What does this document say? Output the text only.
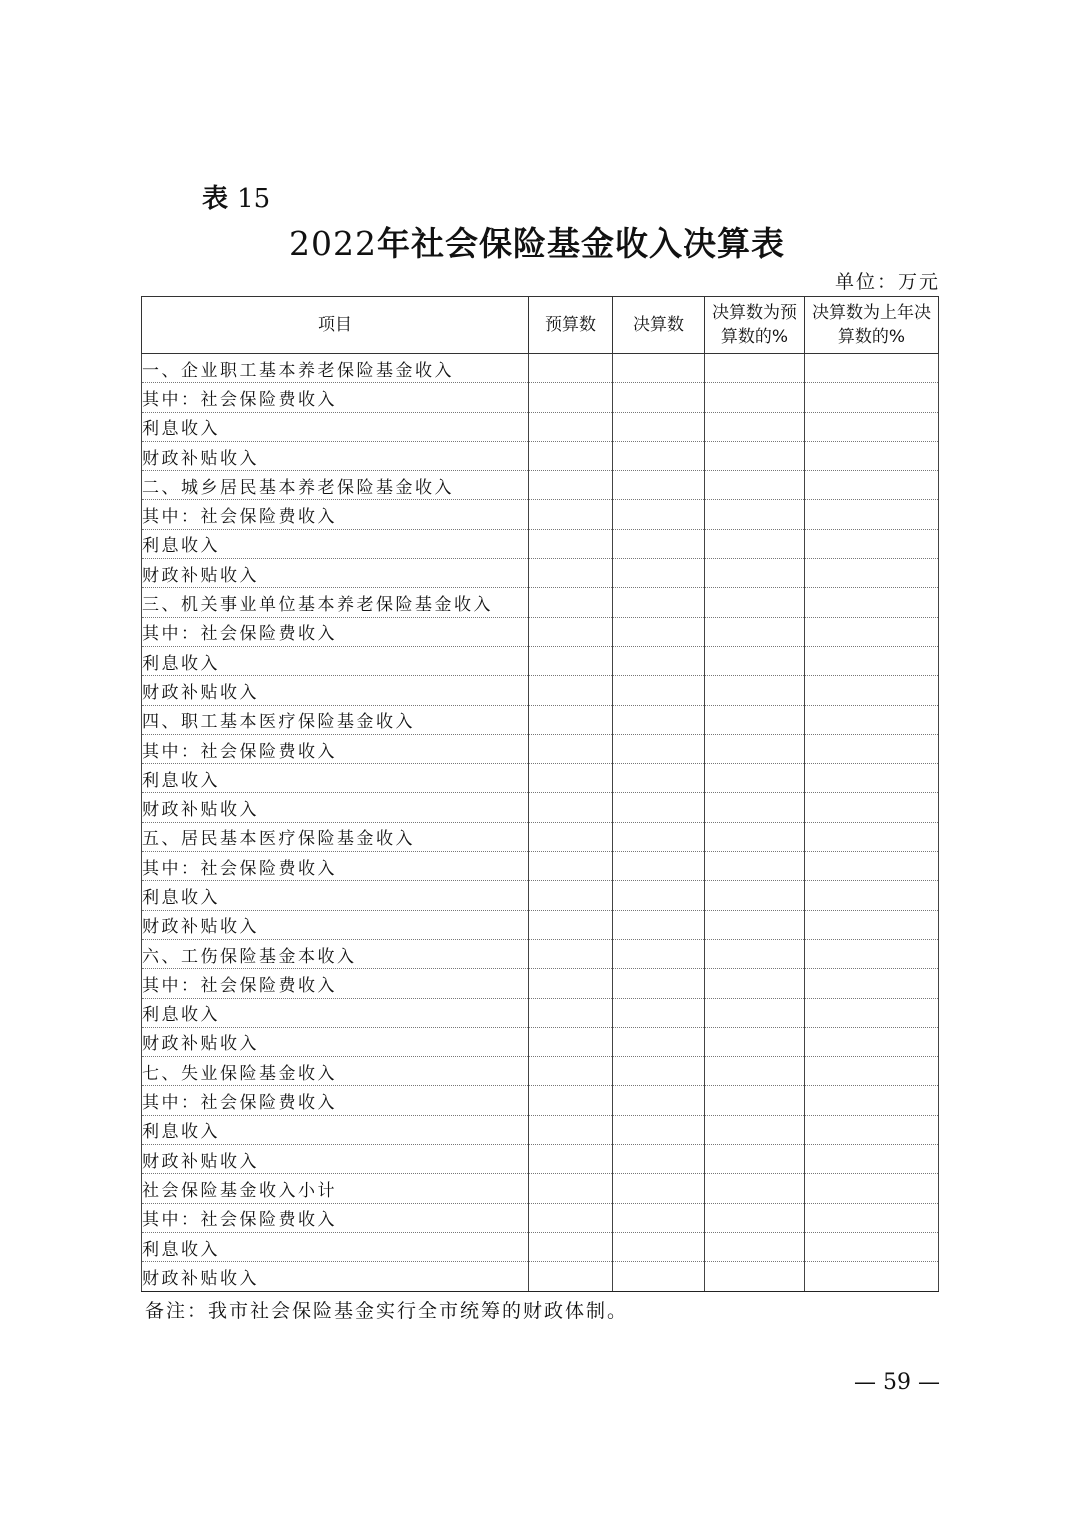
表 15
2022年社会保险基金收入决算表
单位：万元
项目	预算数	决算数	决算数为预算数的%	决算数为上年决算数的%
一、企业职工基本养老保险基金收入				
其中：社会保险费收入				
利息收入				
财政补贴收入				
二、城乡居民基本养老保险基金收入				
其中：社会保险费收入				
利息收入				
财政补贴收入				
三、机关事业单位基本养老保险基金收入				
其中：社会保险费收入				
利息收入				
财政补贴收入				
四、职工基本医疗保险基金收入				
其中：社会保险费收入				
利息收入				
财政补贴收入				
五、居民基本医疗保险基金收入				
其中：社会保险费收入				
利息收入				
财政补贴收入				
六、工伤保险基金本收入				
其中：社会保险费收入				
利息收入				
财政补贴收入				
七、失业保险基金收入				
其中：社会保险费收入				
利息收入				
财政补贴收入				
社会保险基金收入小计				
其中：社会保险费收入				
利息收入				
财政补贴收入				
备注：我市社会保险基金实行全市统筹的财政体制。
— 59 —
